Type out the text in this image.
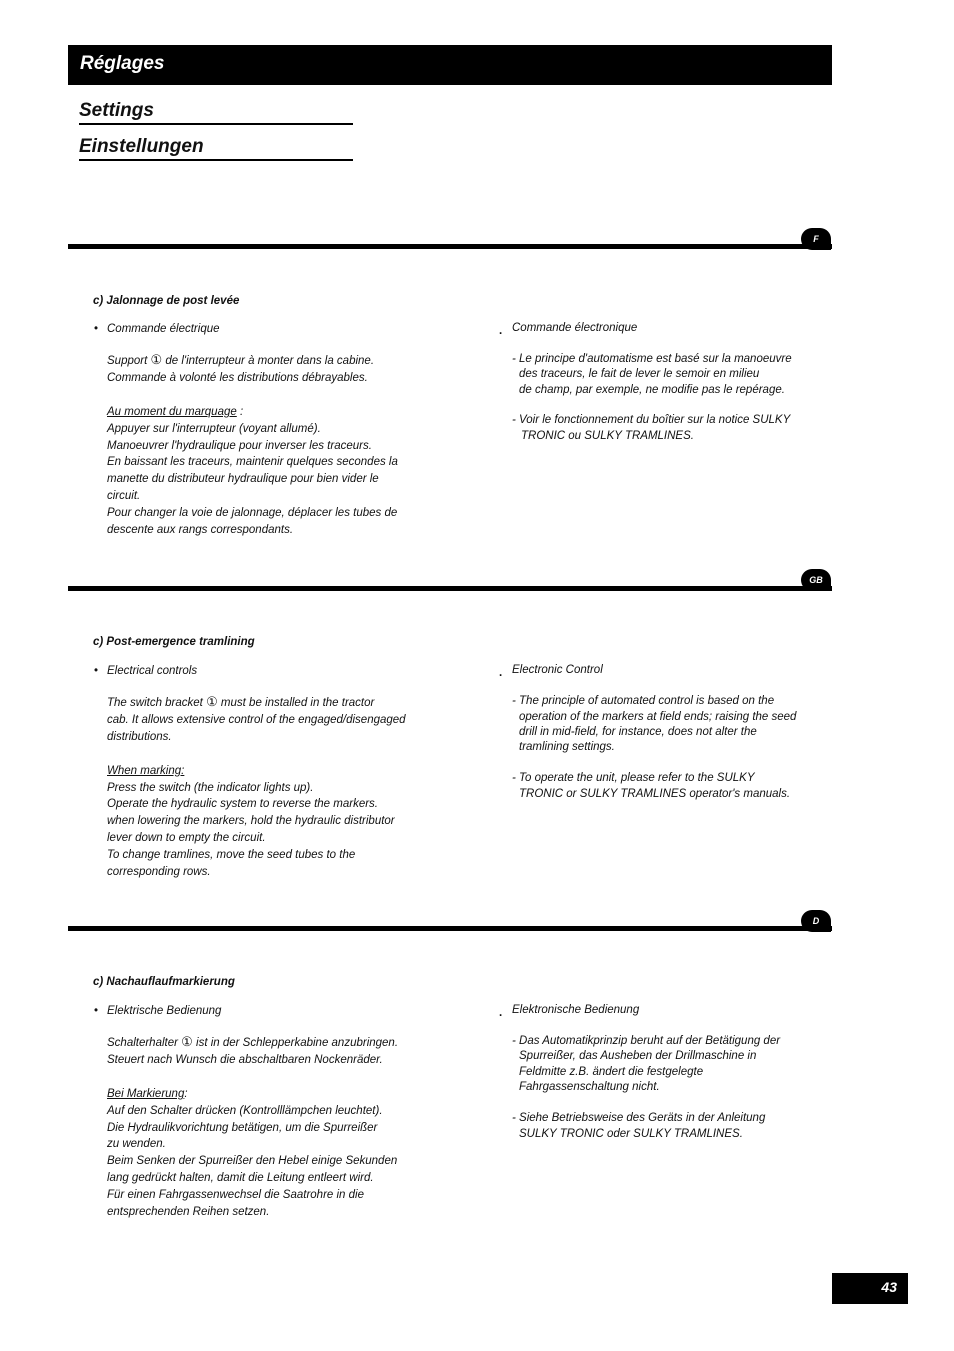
Réglages
Settings
Einstellungen
F
c) Jalonnage de post levée
• Commande électrique

Support ① de l'interrupteur à monter dans la cabine.

Commande à volonté les distributions débrayables.

Au moment du marquage :

Appuyer sur l'interrupteur (voyant allumé).

Manoeuvrer l'hydraulique pour inverser les traceurs.

En baissant les traceurs, maintenir quelques secondes la

manette du distributeur hydraulique pour bien vider le

circuit.

Pour changer la voie de jalonnage, déplacer les tubes de

descente aux rangs correspondants.

. Commande électronique

- Le principe d'automatisme est basé sur la manoeuvre

des traceurs, le fait de lever le semoir en milieu

de champ, par exemple, ne modifie pas le repérage.

- Voir le fonctionnement du boîtier sur la notice SULKY

TRONIC ou SULKY TRAMLINES.

GB
c) Post-emergence tramlining
• Electrical controls

The switch bracket ① must be installed in the tractor

cab. It allows extensive control of the engaged/disengaged

distributions.

When marking:

Press the switch (the indicator lights up).

Operate the hydraulic system to reverse the markers.

when lowering the markers, hold the hydraulic distributor

lever down to empty the circuit.

To change tramlines, move the seed tubes to the

corresponding rows.

. Electronic Control

- The principle of automated control is based on the

operation of the markers at field ends; raising the seed

drill in mid-field, for instance, does not alter the

tramlining settings.

- To operate the unit, please refer to the SULKY

TRONIC or SULKY TRAMLINES operator's manuals.

D
c) Nachauflaufmarkierung
• Elektrische Bedienung

Schalterhalter ① ist in der Schlepperkabine anzubringen.

Steuert nach Wunsch die abschaltbaren Nockenräder.

Bei Markierung:

Auf den Schalter drücken (Kontrolllämpchen leuchtet).

Die Hydraulikvorichtung betätigen, um die Spurreißer

zu wenden.

Beim Senken der Spurreißer den Hebel einige Sekunden

lang gedrückt halten, damit die Leitung entleert wird.

Für einen Fahrgassenwechsel die Saatrohre in die

entsprechenden Reihen setzen.

. Elektronische Bedienung

- Das Automatikprinzip beruht auf der Betätigung der

Spurreißer, das Ausheben der Drillmaschine in

Feldmitte z.B. ändert die festgelegte

Fahrgassenschaltung nicht.

- Siehe Betriebsweise des Geräts in der Anleitung

SULKY TRONIC oder SULKY TRAMLINES.

43
